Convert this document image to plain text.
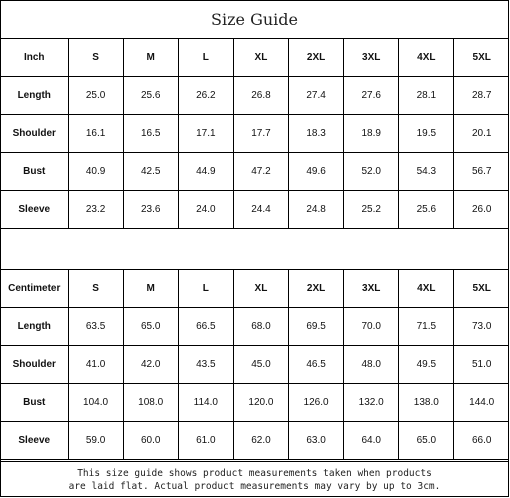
Size Guide
Inch	S	M	L	XL	2XL	3XL	4XL	5XL
Length	25.0	25.6	26.2	26.8	27.4	27.6	28.1	28.7
Shoulder	16.1	16.5	17.1	17.7	18.3	18.9	19.5	20.1
Bust	40.9	42.5	44.9	47.2	49.6	52.0	54.3	56.7
Sleeve	23.2	23.6	24.0	24.4	24.8	25.2	25.6	26.0
Centimeter	S	M	L	XL	2XL	3XL	4XL	5XL
Length	63.5	65.0	66.5	68.0	69.5	70.0	71.5	73.0
Shoulder	41.0	42.0	43.5	45.0	46.5	48.0	49.5	51.0
Bust	104.0	108.0	114.0	120.0	126.0	132.0	138.0	144.0
Sleeve	59.0	60.0	61.0	62.0	63.0	64.0	65.0	66.0
This size guide shows product measurements taken when products
are laid flat. Actual product measurements may vary by up to 3cm.
